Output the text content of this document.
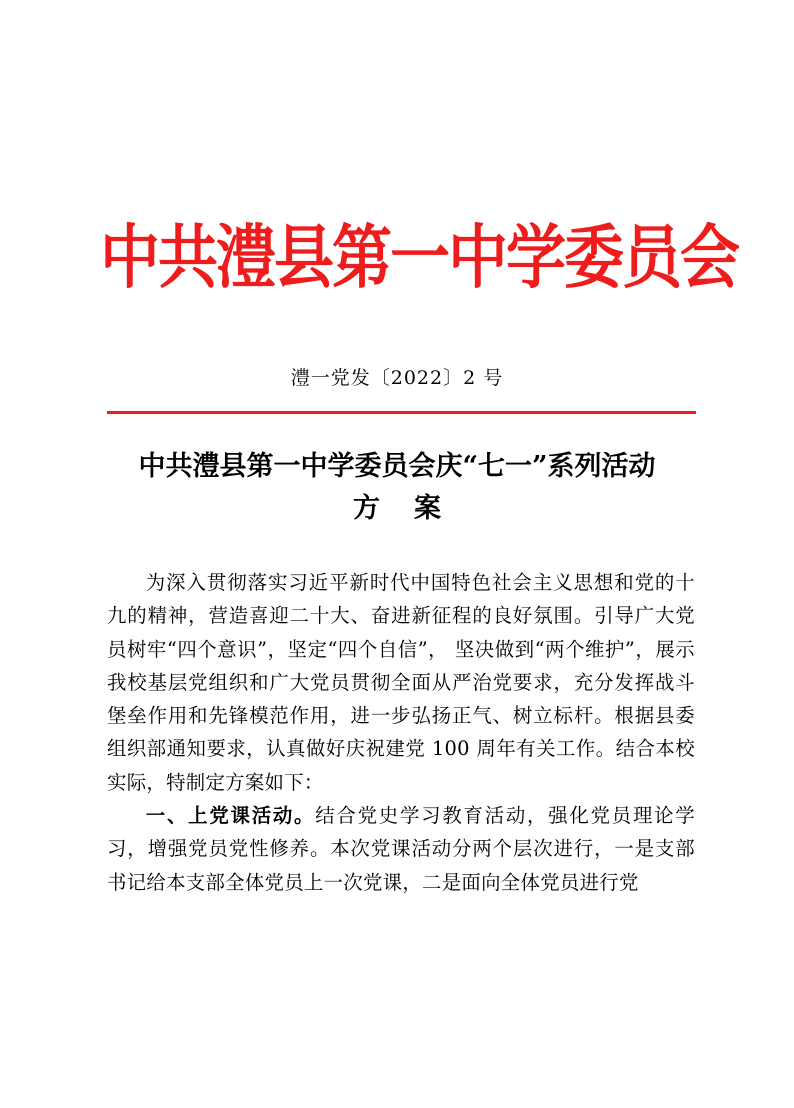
中共澧县第一中学委员会
澧一党发〔2022〕2 号
中共澧县第一中学委员会庆“七一”系列活动
方案

为深入贯彻落实习近平新时代中国特色社会主义思想和党的十九的精神，营造喜迎二十大、奋进新征程的良好氛围。引导广大党员树牢“四个意识”，坚定“四个自信”， 坚决做到“两个维护”，展示我校基层党组织和广大党员贯彻全面从严治党要求，充分发挥战斗堡垒作用和先锋模范作用，进一步弘扬正气、树立标杆。根据县委组织部通知要求，认真做好庆祝建党 100 周年有关工作。结合本校实际，特制定方案如下：

一、上党课活动。结合党史学习教育活动，强化党员理论学习，增强党员党性修养。本次党课活动分两个层次进行，一是支部书记给本支部全体党员上一次党课，二是面向全体党员进行党
